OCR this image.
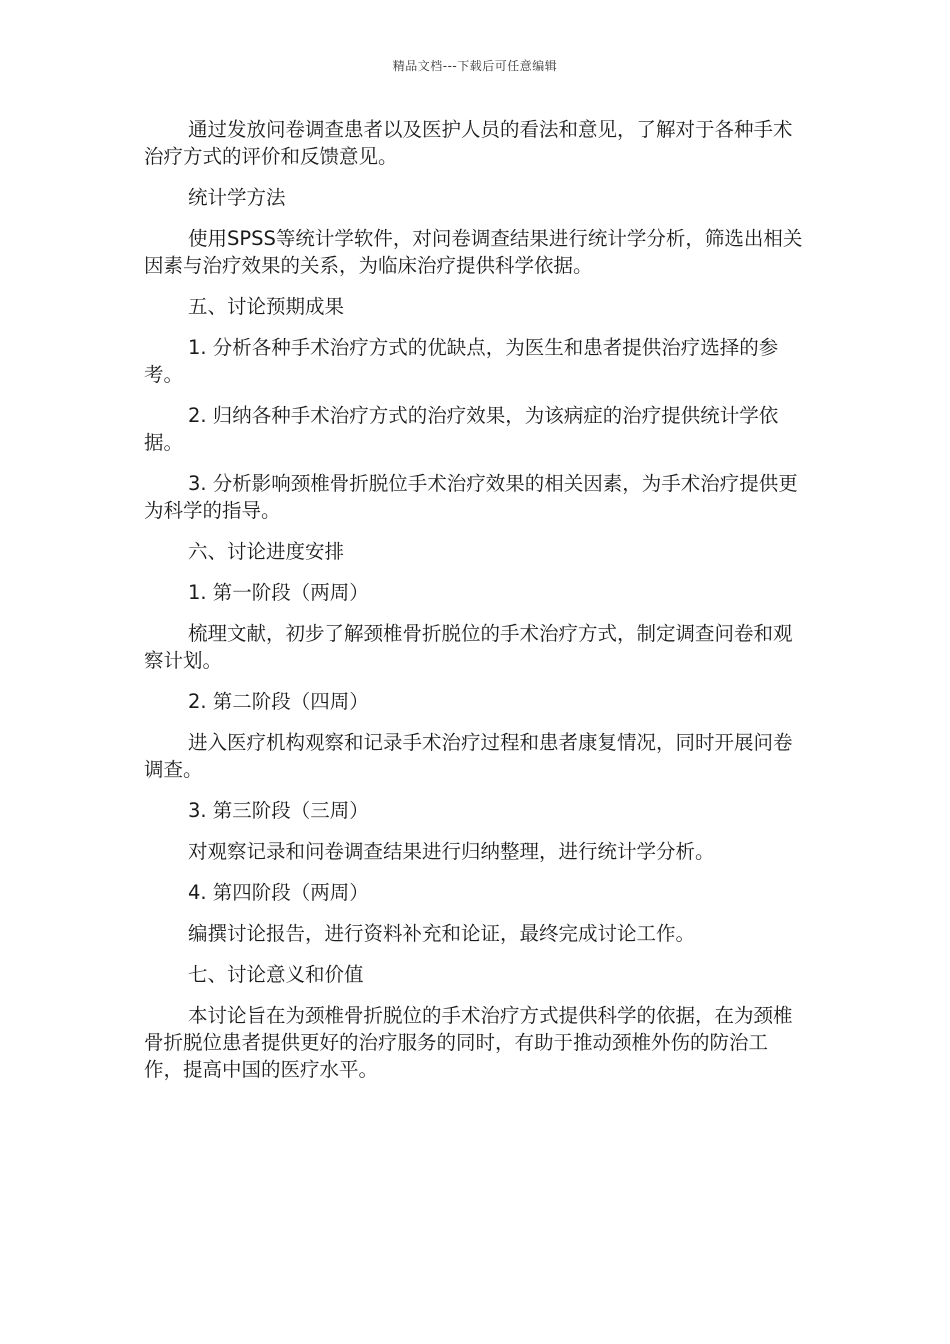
精品文档---下载后可任意编辑

通过发放问卷调查患者以及医护人员的看法和意见，了解对于各种手术治疗方式的评价和反馈意见。

统计学方法

使用SPSS等统计学软件，对问卷调查结果进行统计学分析，筛选出相关因素与治疗效果的关系，为临床治疗提供科学依据。

五、讨论预期成果

1. 分析各种手术治疗方式的优缺点，为医生和患者提供治疗选择的参考。

2. 归纳各种手术治疗方式的治疗效果，为该病症的治疗提供统计学依据。

3. 分析影响颈椎骨折脱位手术治疗效果的相关因素，为手术治疗提供更为科学的指导。

六、讨论进度安排

1. 第一阶段（两周）

梳理文献，初步了解颈椎骨折脱位的手术治疗方式，制定调查问卷和观察计划。

2. 第二阶段（四周）

进入医疗机构观察和记录手术治疗过程和患者康复情况，同时开展问卷调查。

3. 第三阶段（三周）

对观察记录和问卷调查结果进行归纳整理，进行统计学分析。

4. 第四阶段（两周）

编撰讨论报告，进行资料补充和论证，最终完成讨论工作。

七、讨论意义和价值

本讨论旨在为颈椎骨折脱位的手术治疗方式提供科学的依据，在为颈椎骨折脱位患者提供更好的治疗服务的同时，有助于推动颈椎外伤的防治工作，提高中国的医疗水平。
